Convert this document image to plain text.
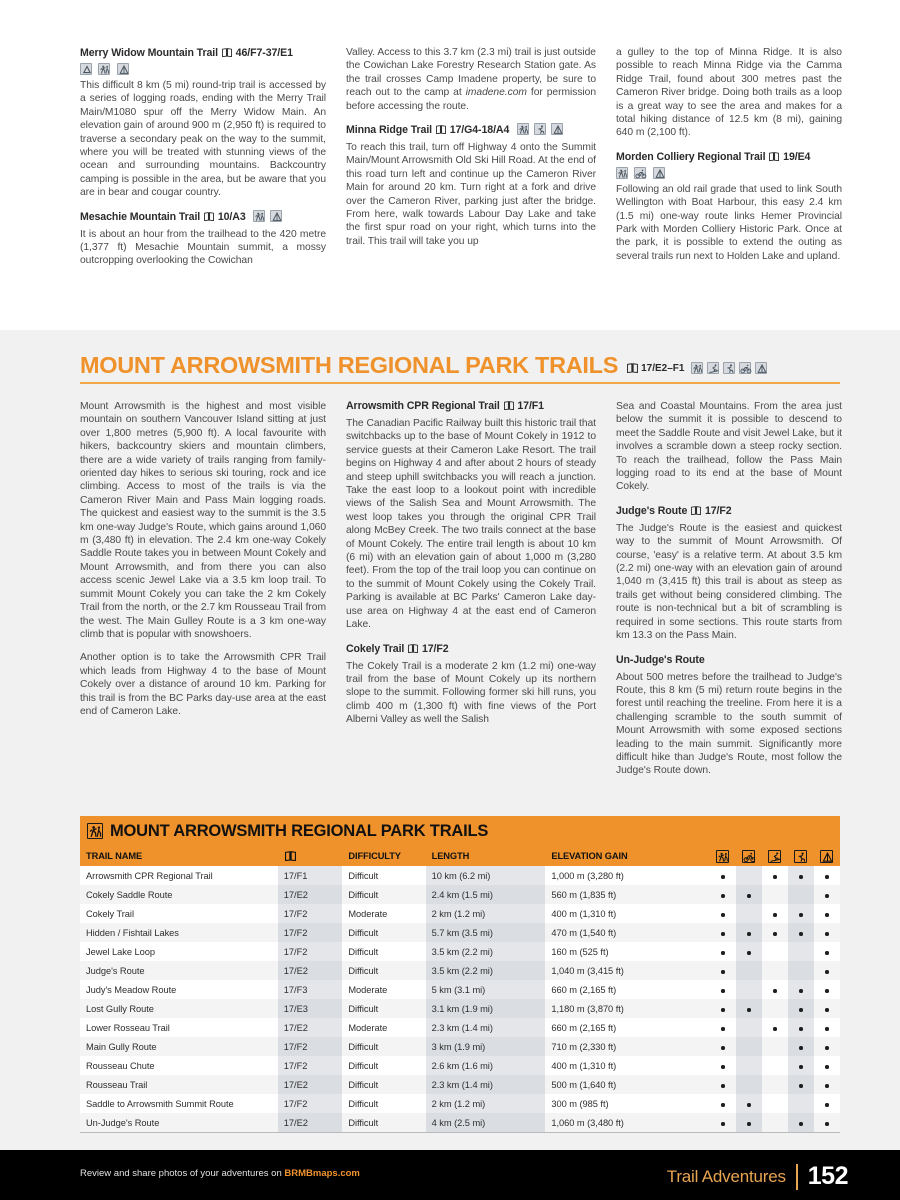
Merry Widow Mountain Trail 46/F7-37/E1

This difficult 8 km (5 mi) round-trip trail is accessed by a series of logging roads, ending with the Merry Trail Main/M1080 spur off the Merry Widow Main. An elevation gain of around 900 m (2,950 ft) is required to traverse a secondary peak on the way to the summit, where you will be treated with stunning views of the ocean and surrounding mountains. Backcountry camping is possible in the area, but be aware that you are in bear and cougar country.

Mesachie Mountain Trail 10/A3

It is about an hour from the trailhead to the 420 metre (1,377 ft) Mesachie Mountain summit, a mossy outcropping overlooking the Cowichan

Valley. Access to this 3.7 km (2.3 mi) trail is just outside the Cowichan Lake Forestry Research Station gate. As the trail crosses Camp Imadene property, be sure to reach out to the camp at imadene.com for permission before accessing the route.

Minna Ridge Trail 17/G4-18/A4

To reach this trail, turn off Highway 4 onto the Summit Main/Mount Arrowsmith Old Ski Hill Road. At the end of this road turn left and continue up the Cameron River Main for around 20 km. Turn right at a fork and drive over the Cameron River, parking just after the bridge. From here, walk towards Labour Day Lake and take the first spur road on your right, which turns into the trail. This trail will take you up

a gulley to the top of Minna Ridge. It is also possible to reach Minna Ridge via the Camma Ridge Trail, found about 300 metres past the Cameron River bridge. Doing both trails as a loop is a great way to see the area and makes for a total hiking distance of 12.5 km (8 mi), gaining 640 m (2,100 ft).

Morden Colliery Regional Trail 19/E4

Following an old rail grade that used to link South Wellington with Boat Harbour, this easy 2.4 km (1.5 mi) one-way route links Hemer Provincial Park with Morden Colliery Historic Park. Once at the park, it is possible to extend the outing as several trails run next to Holden Lake and upland.

MOUNT ARROWSMITH REGIONAL PARK TRAILS 17/E2–F1

Mount Arrowsmith is the highest and most visible mountain on southern Vancouver Island sitting at just over 1,800 metres (5,900 ft). A local favourite with hikers, backcountry skiers and mountain climbers, there are a wide variety of trails ranging from family-oriented day hikes to serious ski touring, rock and ice climbing. Access to most of the trails is via the Cameron River Main and Pass Main logging roads. The quickest and easiest way to the summit is the 3.5 km one-way Judge's Route, which gains around 1,060 m (3,480 ft) in elevation. The 2.4 km one-way Cokely Saddle Route takes you in between Mount Cokely and Mount Arrowsmith, and from there you can also access scenic Jewel Lake via a 3.5 km loop trail. To summit Mount Cokely you can take the 2 km Cokely Trail from the north, or the 2.7 km Rousseau Trail from the west. The Main Gulley Route is a 3 km one-way climb that is popular with snowshoers.

Another option is to take the Arrowsmith CPR Trail which leads from Highway 4 to the base of Mount Cokely over a distance of around 10 km. Parking for this trail is from the BC Parks day-use area at the east end of Cameron Lake.

Arrowsmith CPR Regional Trail 17/F1

The Canadian Pacific Railway built this historic trail that switchbacks up to the base of Mount Cokely in 1912 to service guests at their Cameron Lake Resort. The trail begins on Highway 4 and after about 2 hours of steady and steep uphill switchbacks you will reach a junction. Take the east loop to a lookout point with incredible views of the Salish Sea and Mount Arrowsmith. The west loop takes you through the original CPR Trail along McBey Creek. The two trails connect at the base of Mount Cokely. The entire trail length is about 10 km (6 mi) with an elevation gain of about 1,000 m (3,280 feet). From the top of the trail loop you can continue on to the summit of Mount Cokely using the Cokely Trail. Parking is available at BC Parks' Cameron Lake day-use area on Highway 4 at the east end of Cameron Lake.

Cokely Trail 17/F2

The Cokely Trail is a moderate 2 km (1.2 mi) one-way trail from the base of Mount Cokely up its northern slope to the summit. Following former ski hill runs, you climb 400 m (1,300 ft) with fine views of the Port Alberni Valley as well the Salish

Sea and Coastal Mountains. From the area just below the summit it is possible to descend to meet the Saddle Route and visit Jewel Lake, but it involves a scramble down a steep rocky section. To reach the trailhead, follow the Pass Main logging road to its end at the base of Mount Cokely.

Judge's Route 17/F2

The Judge's Route is the easiest and quickest way to the summit of Mount Arrowsmith. Of course, 'easy' is a relative term. At about 3.5 km (2.2 mi) one-way with an elevation gain of around 1,040 m (3,415 ft) this trail is about as steep as trails get without being considered climbing. The route is non-technical but a bit of scrambling is required in some sections. This route starts from km 13.3 on the Pass Main.

Un-Judge's Route

About 500 metres before the trailhead to Judge's Route, this 8 km (5 mi) return route begins in the forest until reaching the treeline. From here it is a challenging scramble to the south summit of Mount Arrowsmith with some exposed sections leading to the main summit. Significantly more difficult hike than Judge's Route, most follow the Judge's Route down.

MOUNT ARROWSMITH REGIONAL PARK TRAILS
TRAIL NAME		DIFFICULTY	LENGTH	ELEVATION GAIN					
Arrowsmith CPR Regional Trail	17/F1	Difficult	10 km (6.2 mi)	1,000 m (3,280 ft)					
Cokely Saddle Route	17/E2	Difficult	2.4 km (1.5 mi)	560 m (1,835 ft)					
Cokely Trail	17/F2	Moderate	2 km (1.2 mi)	400 m (1,310 ft)					
Hidden / Fishtail Lakes	17/F2	Difficult	5.7 km (3.5 mi)	470 m (1,540 ft)					
Jewel Lake Loop	17/F2	Difficult	3.5 km (2.2 mi)	160 m (525 ft)					
Judge's Route	17/E2	Difficult	3.5 km (2.2 mi)	1,040 m (3,415 ft)					
Judy's Meadow Route	17/F3	Moderate	5 km (3.1 mi)	660 m (2,165 ft)					
Lost Gully Route	17/E3	Difficult	3.1 km (1.9 mi)	1,180 m (3,870 ft)					
Lower Rosseau Trail	17/E2	Moderate	2.3 km (1.4 mi)	660 m (2,165 ft)					
Main Gully Route	17/F2	Difficult	3 km (1.9 mi)	710 m (2,330 ft)					
Rousseau Chute	17/F2	Difficult	2.6 km (1.6 mi)	400 m (1,310 ft)					
Rousseau Trail	17/E2	Difficult	2.3 km (1.4 mi)	500 m (1,640 ft)					
Saddle to Arrowsmith Summit Route	17/F2	Difficult	2 km (1.2 mi)	300 m (985 ft)					
Un-Judge's Route	17/E2	Difficult	4 km (2.5 mi)	1,060 m (3,480 ft)					
Review and share photos of your adventures on BRMBmaps.com	Trail Adventures 152
